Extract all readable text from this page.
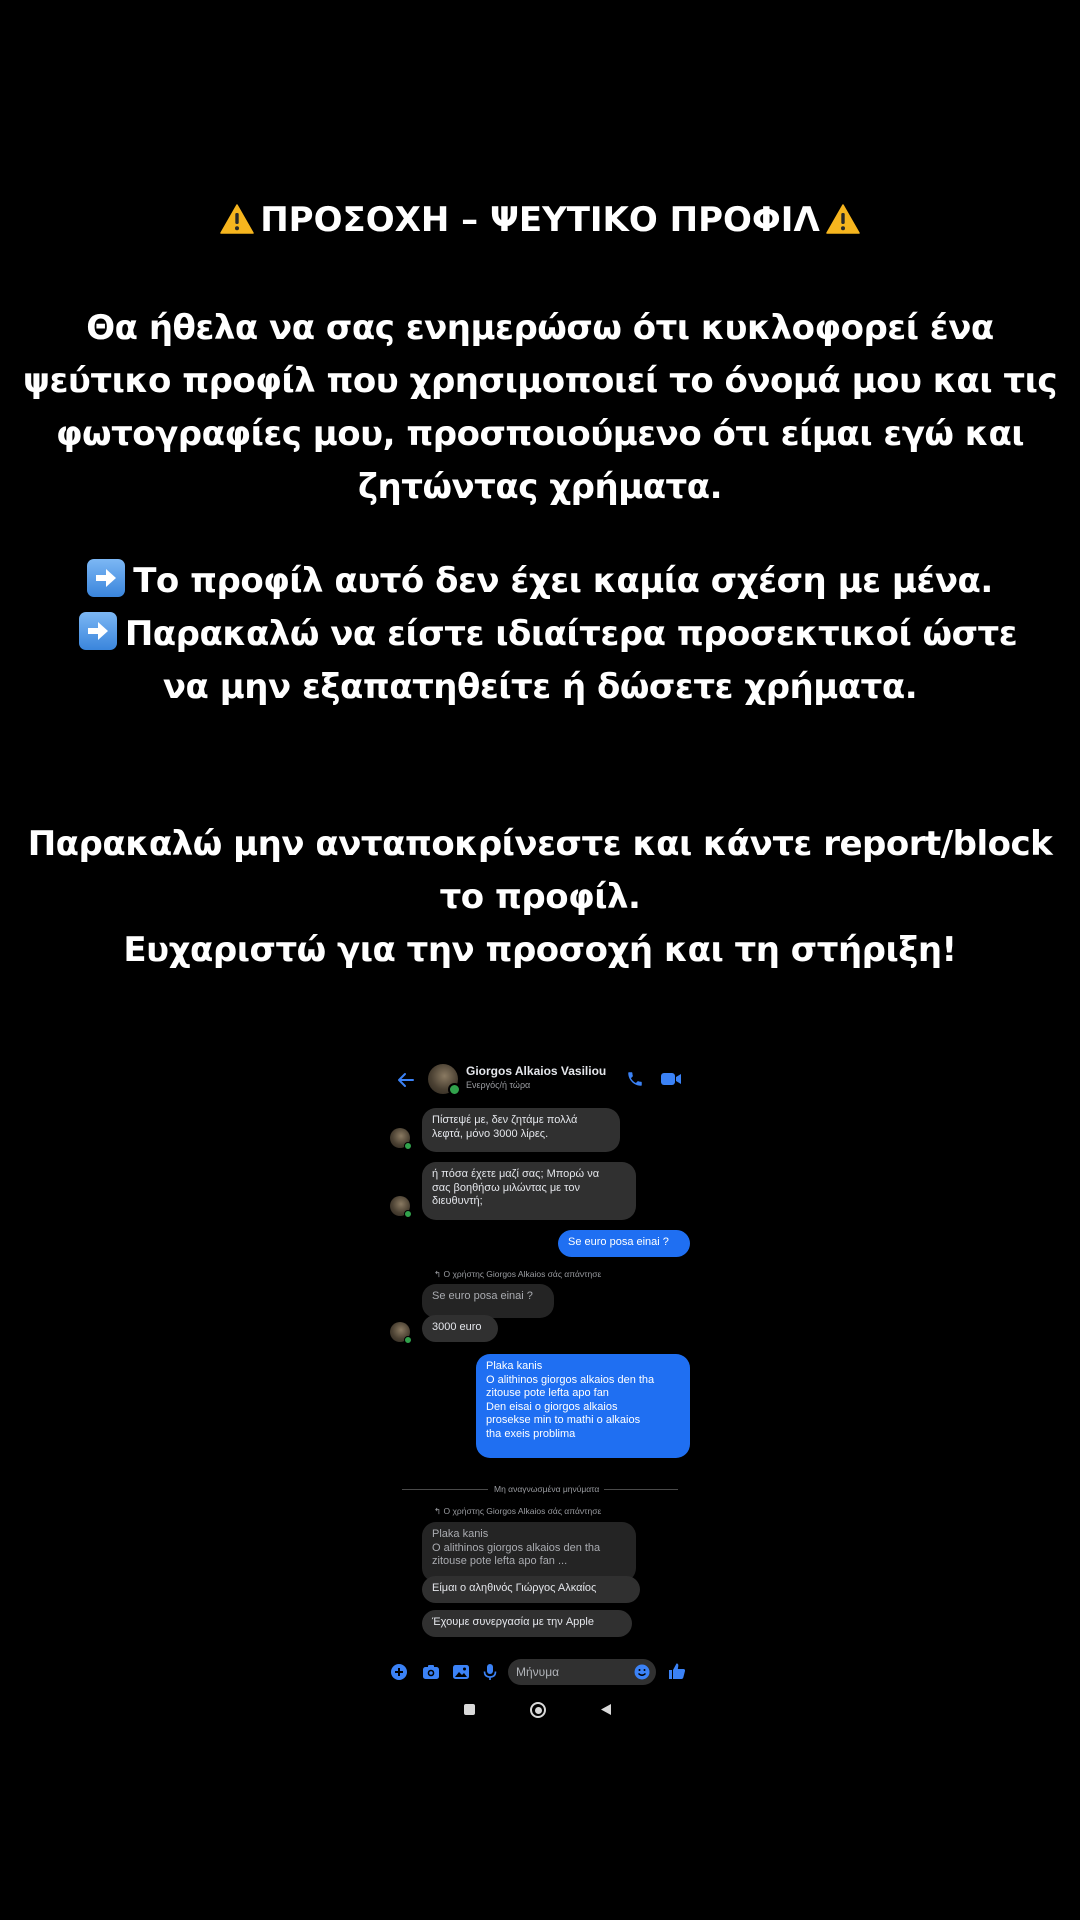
ΠΡΟΣΟΧΗ – ΨΕΥΤΙΚΟ ΠΡΟΦΙΛ
Θα ήθελα να σας ενημερώσω ότι κυκλοφορεί ένα
ψεύτικο προφίλ που χρησιμοποιεί το όνομά μου και τις
φωτογραφίες μου, προσποιούμενο ότι είμαι εγώ και
ζητώντας χρήματα.
Το προφίλ αυτό δεν έχει καμία σχέση με μένα.
Παρακαλώ να είστε ιδιαίτερα προσεκτικοί ώστε
να μην εξαπατηθείτε ή δώσετε χρήματα.
Παρακαλώ μην ανταποκρίνεστε και κάντε report/block
το προφίλ.
Ευχαριστώ για την προσοχή και τη στήριξη!
Giorgos Alkaios Vasiliou
Ενεργός/ή τώρα
Πίστεψέ με, δεν ζητάμε πολλά
λεφτά, μόνο 3000 λίρες.
ή πόσα έχετε μαζί σας; Μπορώ να
σας βοηθήσω μιλώντας με τον
διευθυντή;
Se euro posa einai ?
↰ Ο χρήστης Giorgos Alkaios σάς απάντησε
Se euro posa einai ?
3000 euro
Plaka kanis
O alithinos giorgos alkaios den tha
zitouse pote lefta apo fan
Den eisai o giorgos alkaios
prosekse min to mathi o alkaios
tha exeis problima
Μη αναγνωσμένα μηνύματα
↰ Ο χρήστης Giorgos Alkaios σάς απάντησε
Plaka kanis
O alithinos giorgos alkaios den tha
zitouse pote lefta apo fan ...
Είμαι ο αληθινός Γιώργος Αλκαίος
Έχουμε συνεργασία με την Apple
Μήνυμα
